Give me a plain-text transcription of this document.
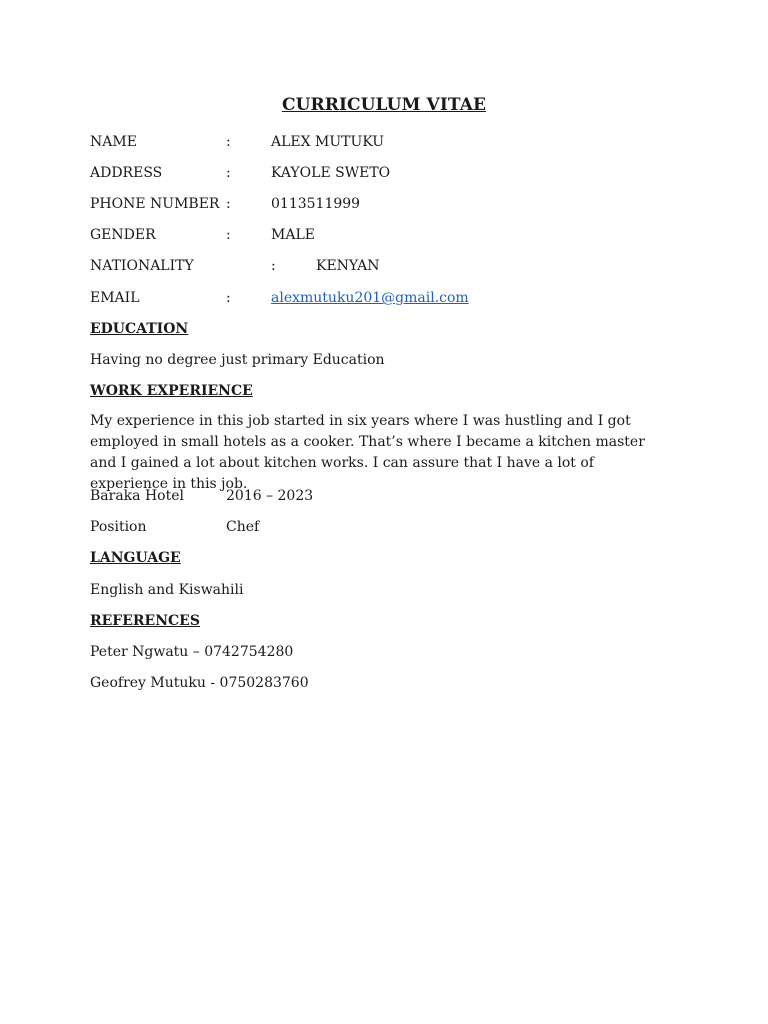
CURRICULUM VITAE
NAME	:	ALEX MUTUKU
ADDRESS	:	KAYOLE SWETO
PHONE NUMBER :	0113511999
GENDER	:	MALE
NATIONALITY	:	KENYAN
EMAIL	:	alexmutuku201@gmail.com
EDUCATION
Having no degree just primary Education
WORK EXPERIENCE
My experience in this job started in six years where I was hustling and I got employed in small hotels as a cooker. That’s where I became a kitchen master and I gained a lot about kitchen works. I can assure that I have a lot of experience in this job.
Baraka Hotel	2016 – 2023
Position	Chef
LANGUAGE
English and Kiswahili
REFERENCES
Peter Ngwatu – 0742754280
Geofrey Mutuku - 0750283760
